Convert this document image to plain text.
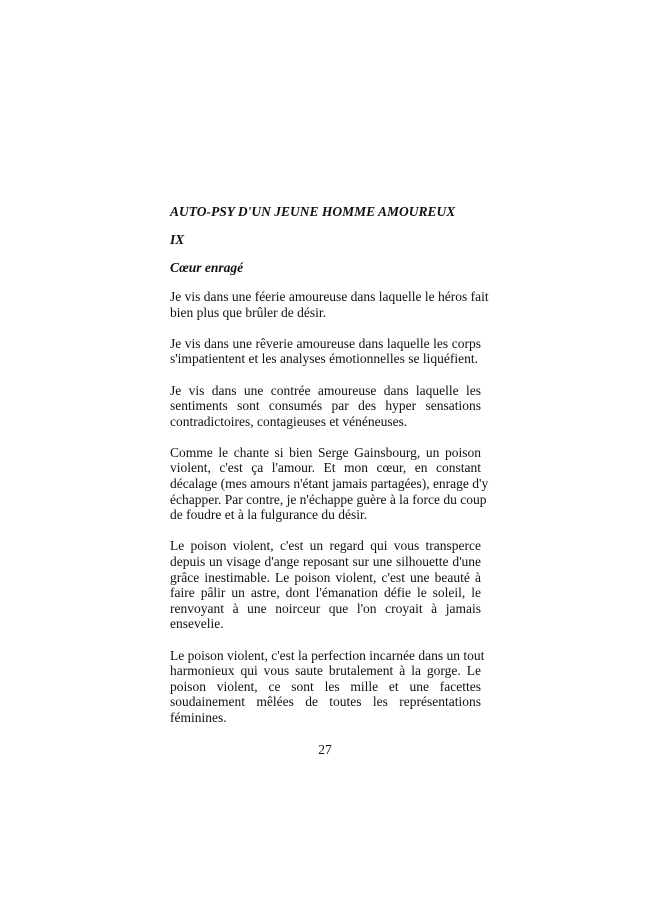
AUTO-PSY D'UN JEUNE HOMME AMOUREUX
IX
Cœur enragé
Je vis dans une féerie amoureuse dans laquelle le héros fait
bien plus que brûler de désir.
Je vis dans une rêverie amoureuse dans laquelle les corps
s'impatientent et les analyses émotionnelles se liquéfient.
Je vis dans une contrée amoureuse dans laquelle les
sentiments sont consumés par des hyper sensations
contradictoires, contagieuses et vénéneuses.
Comme le chante si bien Serge Gainsbourg, un poison
violent, c'est ça l'amour. Et mon cœur, en constant
décalage (mes amours n'étant jamais partagées), enrage d'y
échapper. Par contre, je n'échappe guère à la force du coup
de foudre et à la fulgurance du désir.
Le poison violent, c'est un regard qui vous transperce
depuis un visage d'ange reposant sur une silhouette d'une
grâce inestimable. Le poison violent, c'est une beauté à
faire pâlir un astre, dont l'émanation défie le soleil, le
renvoyant à une noirceur que l'on croyait à jamais
ensevelie.
Le poison violent, c'est la perfection incarnée dans un tout
harmonieux qui vous saute brutalement à la gorge. Le
poison violent, ce sont les mille et une facettes
soudainement mêlées de toutes les représentations
féminines.
27
